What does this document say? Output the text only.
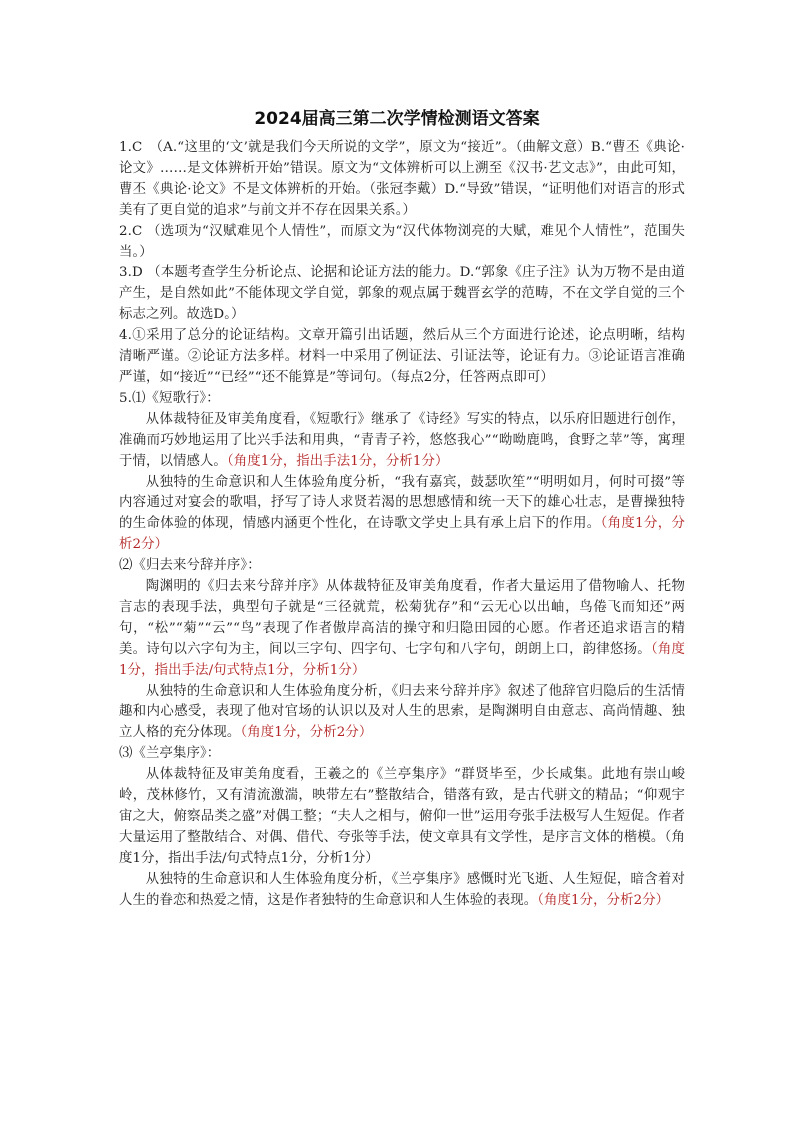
2024届高三第二次学情检测语文答案

1.C　（A.“这里的‘文’就是我们今天所说的文学”，原文为“接近”。（曲解文意）B.“曹丕《典论·论文》……是文体辨析开始”错误。原文为“文体辨析可以上溯至《汉书·艺文志》”，由此可知，曹丕《典论·论文》不是文体辨析的开始。（张冠李戴）D.“导致”错误，“证明他们对语言的形式美有了更自觉的追求”与前文并不存在因果关系。）

2.C （选项为“汉赋难见个人情性”，而原文为“汉代体物浏亮的大赋，难见个人情性”，范围失当。）

3.D （本题考查学生分析论点、论据和论证方法的能力。D.“郭象《庄子注》认为万物不是由道产生，是自然如此”不能体现文学自觉，郭象的观点属于魏晋玄学的范畴，不在文学自觉的三个标志之列。故选D。）

4.①采用了总分的论证结构。文章开篇引出话题，然后从三个方面进行论述，论点明晰，结构清晰严谨。②论证方法多样。材料一中采用了例证法、引证法等，论证有力。③论证语言准确严谨，如“接近”“已经”“还不能算是”等词句。（每点2分，任答两点即可）

5.⑴《短歌行》：

从体裁特征及审美角度看，《短歌行》继承了《诗经》写实的特点，以乐府旧题进行创作，准确而巧妙地运用了比兴手法和用典，“青青子衿，悠悠我心”“呦呦鹿鸣，食野之苹”等，寓理于情，以情感人。（角度1分，指出手法1分，分析1分）

从独特的生命意识和人生体验角度分析，“我有嘉宾，鼓瑟吹笙”“明明如月，何时可掇”等内容通过对宴会的歌唱，抒写了诗人求贤若渴的思想感情和统一天下的雄心壮志，是曹操独特的生命体验的体现，情感内涵更个性化，在诗歌文学史上具有承上启下的作用。（角度1分，分析2分）

⑵《归去来兮辞并序》：

陶渊明的《归去来兮辞并序》从体裁特征及审美角度看，作者大量运用了借物喻人、托物言志的表现手法，典型句子就是“三径就荒，松菊犹存”和“云无心以出岫，鸟倦飞而知还”两句，“松”“菊”“云”“鸟”表现了作者傲岸高洁的操守和归隐田园的心愿。作者还追求语言的精美。诗句以六字句为主，间以三字句、四字句、七字句和八字句，朗朗上口，韵律悠扬。（角度1分，指出手法/句式特点1分，分析1分）

从独特的生命意识和人生体验角度分析，《归去来兮辞并序》叙述了他辞官归隐后的生活情趣和内心感受，表现了他对官场的认识以及对人生的思索，是陶渊明自由意志、高尚情趣、独立人格的充分体现。（角度1分，分析2分）

⑶《兰亭集序》：

从体裁特征及审美角度看，王羲之的《兰亭集序》“群贤毕至，少长咸集。此地有崇山峻岭，茂林修竹，又有清流激湍，映带左右”整散结合，错落有致，是古代骈文的精品；“仰观宇宙之大，俯察品类之盛”对偶工整；“夫人之相与，俯仰一世”运用夸张手法极写人生短促。作者大量运用了整散结合、对偶、借代、夸张等手法，使文章具有文学性，是序言文体的楷模。（角度1分，指出手法/句式特点1分，分析1分）

从独特的生命意识和人生体验角度分析，《兰亭集序》感慨时光飞逝、人生短促，暗含着对人生的眷恋和热爱之情，这是作者独特的生命意识和人生体验的表现。（角度1分，分析2分）
